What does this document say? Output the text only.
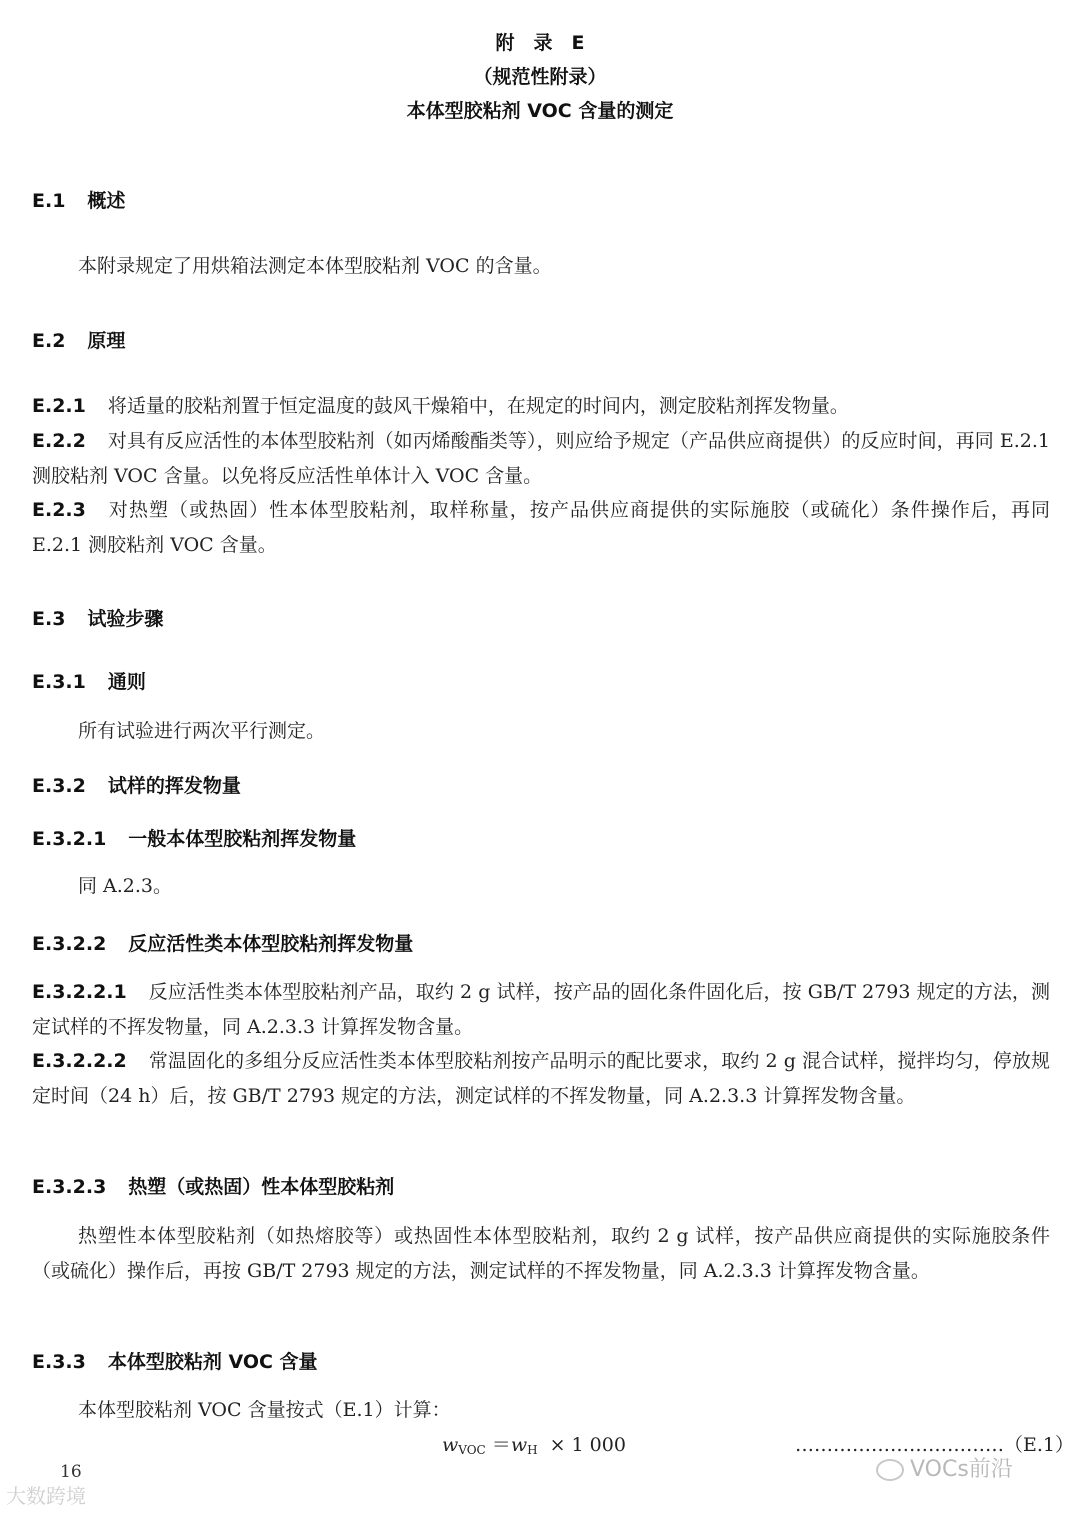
附　录　E
（规范性附录）
本体型胶粘剂 VOC 含量的测定
E.1 概述
本附录规定了用烘箱法测定本体型胶粘剂 VOC 的含量。
E.2 原理
E.2.1 将适量的胶粘剂置于恒定温度的鼓风干燥箱中，在规定的时间内，测定胶粘剂挥发物量。
E.2.2 对具有反应活性的本体型胶粘剂（如丙烯酸酯类等），则应给予规定（产品供应商提供）的反应时间，再同 E.2.1 测胶粘剂 VOC 含量。以免将反应活性单体计入 VOC 含量。
E.2.3 对热塑（或热固）性本体型胶粘剂，取样称量，按产品供应商提供的实际施胶（或硫化）条件操作后，再同 E.2.1 测胶粘剂 VOC 含量。
E.3 试验步骤
E.3.1 通则
所有试验进行两次平行测定。
E.3.2 试样的挥发物量
E.3.2.1 一般本体型胶粘剂挥发物量
同 A.2.3。
E.3.2.2 反应活性类本体型胶粘剂挥发物量
E.3.2.2.1 反应活性类本体型胶粘剂产品，取约 2 g 试样，按产品的固化条件固化后，按 GB/T 2793 规定的方法，测定试样的不挥发物量，同 A.2.3.3 计算挥发物含量。
E.3.2.2.2 常温固化的多组分反应活性类本体型胶粘剂按产品明示的配比要求，取约 2 g 混合试样，搅拌均匀，停放规定时间（24 h）后，按 GB/T 2793 规定的方法，测定试样的不挥发物量，同 A.2.3.3 计算挥发物含量。
E.3.2.3 热塑（或热固）性本体型胶粘剂
热塑性本体型胶粘剂（如热熔胶等）或热固性本体型胶粘剂，取约 2 g 试样，按产品供应商提供的实际施胶条件（或硫化）操作后，再按 GB/T 2793 规定的方法，测定试样的不挥发物量，同 A.2.3.3 计算挥发物含量。
E.3.3 本体型胶粘剂 VOC 含量
本体型胶粘剂 VOC 含量按式（E.1）计算：
$w_{VOC} =w_H \times 1$ 000	……………………………（E.1）
16
大数跨境
VOCs前沿
